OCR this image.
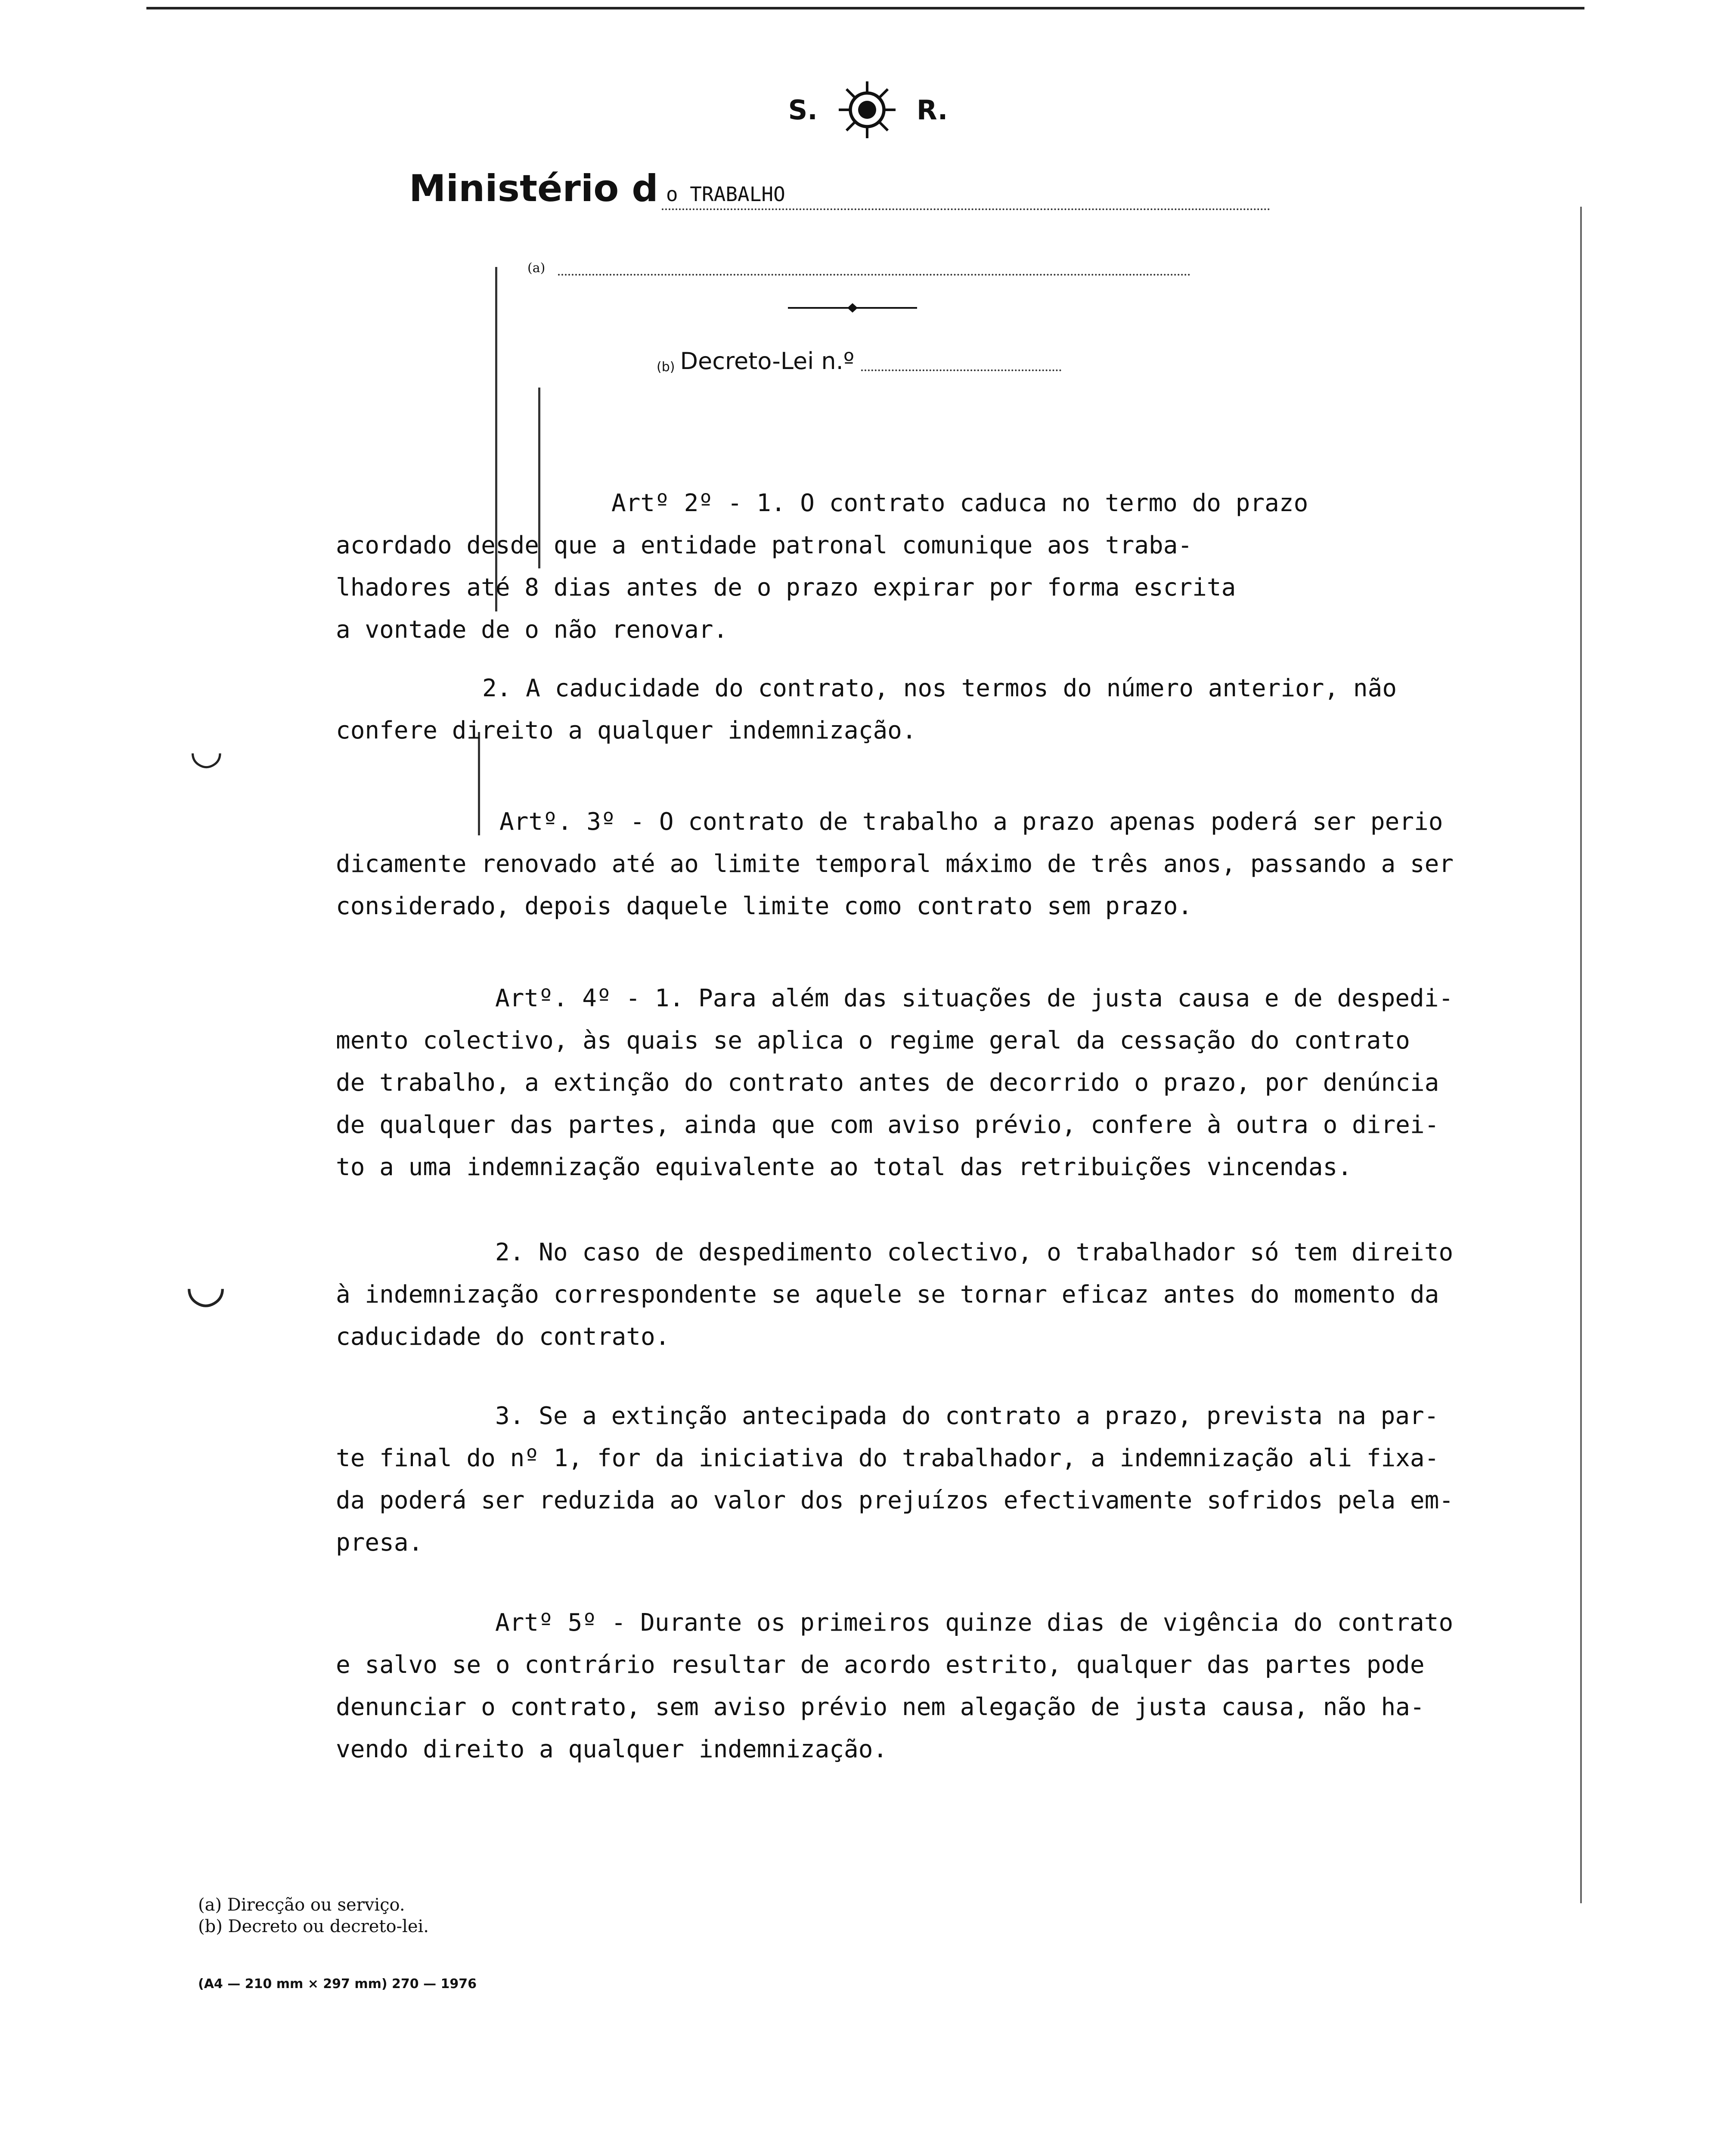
S.	R.
Ministério d o TRABALHO
(a)
(b) Decreto-Lei n.º
◡
◡
Artº 2º - 1. O contrato caduca no termo do prazo
acordado desde que a entidade patronal comunique aos traba-
lhadores até 8 dias antes de o prazo expirar por forma escrita
a vontade de o não renovar.
2. A caducidade do contrato, nos termos do número anterior, não
confere direito a qualquer indemnização.
Artº. 3º - O contrato de trabalho a prazo apenas poderá ser perio
dicamente renovado até ao limite temporal máximo de três anos, passando a ser
considerado, depois daquele limite como contrato sem prazo.
Artº. 4º - 1. Para além das situações de justa causa e de despedi-
mento colectivo, às quais se aplica o regime geral da cessação do contrato
de trabalho, a extinção do contrato antes de decorrido o prazo, por denúncia
de qualquer das partes, ainda que com aviso prévio, confere à outra o direi-
to a uma indemnização equivalente ao total das retribuições vincendas.
2. No caso de despedimento colectivo, o trabalhador só tem direito
à indemnização correspondente se aquele se tornar eficaz antes do momento da
caducidade do contrato.
3. Se a extinção antecipada do contrato a prazo, prevista na par-
te final do nº 1, for da iniciativa do trabalhador, a indemnização ali fixa-
da poderá ser reduzida ao valor dos prejuízos efectivamente sofridos pela em-
presa.
Artº 5º - Durante os primeiros quinze dias de vigência do contrato
e salvo se o contrário resultar de acordo estrito, qualquer das partes pode
denunciar o contrato, sem aviso prévio nem alegação de justa causa, não ha-
vendo direito a qualquer indemnização.
(a) Direcção ou serviço.
(b) Decreto ou decreto-lei.
(A4 — 210 mm × 297 mm) 270 — 1976
